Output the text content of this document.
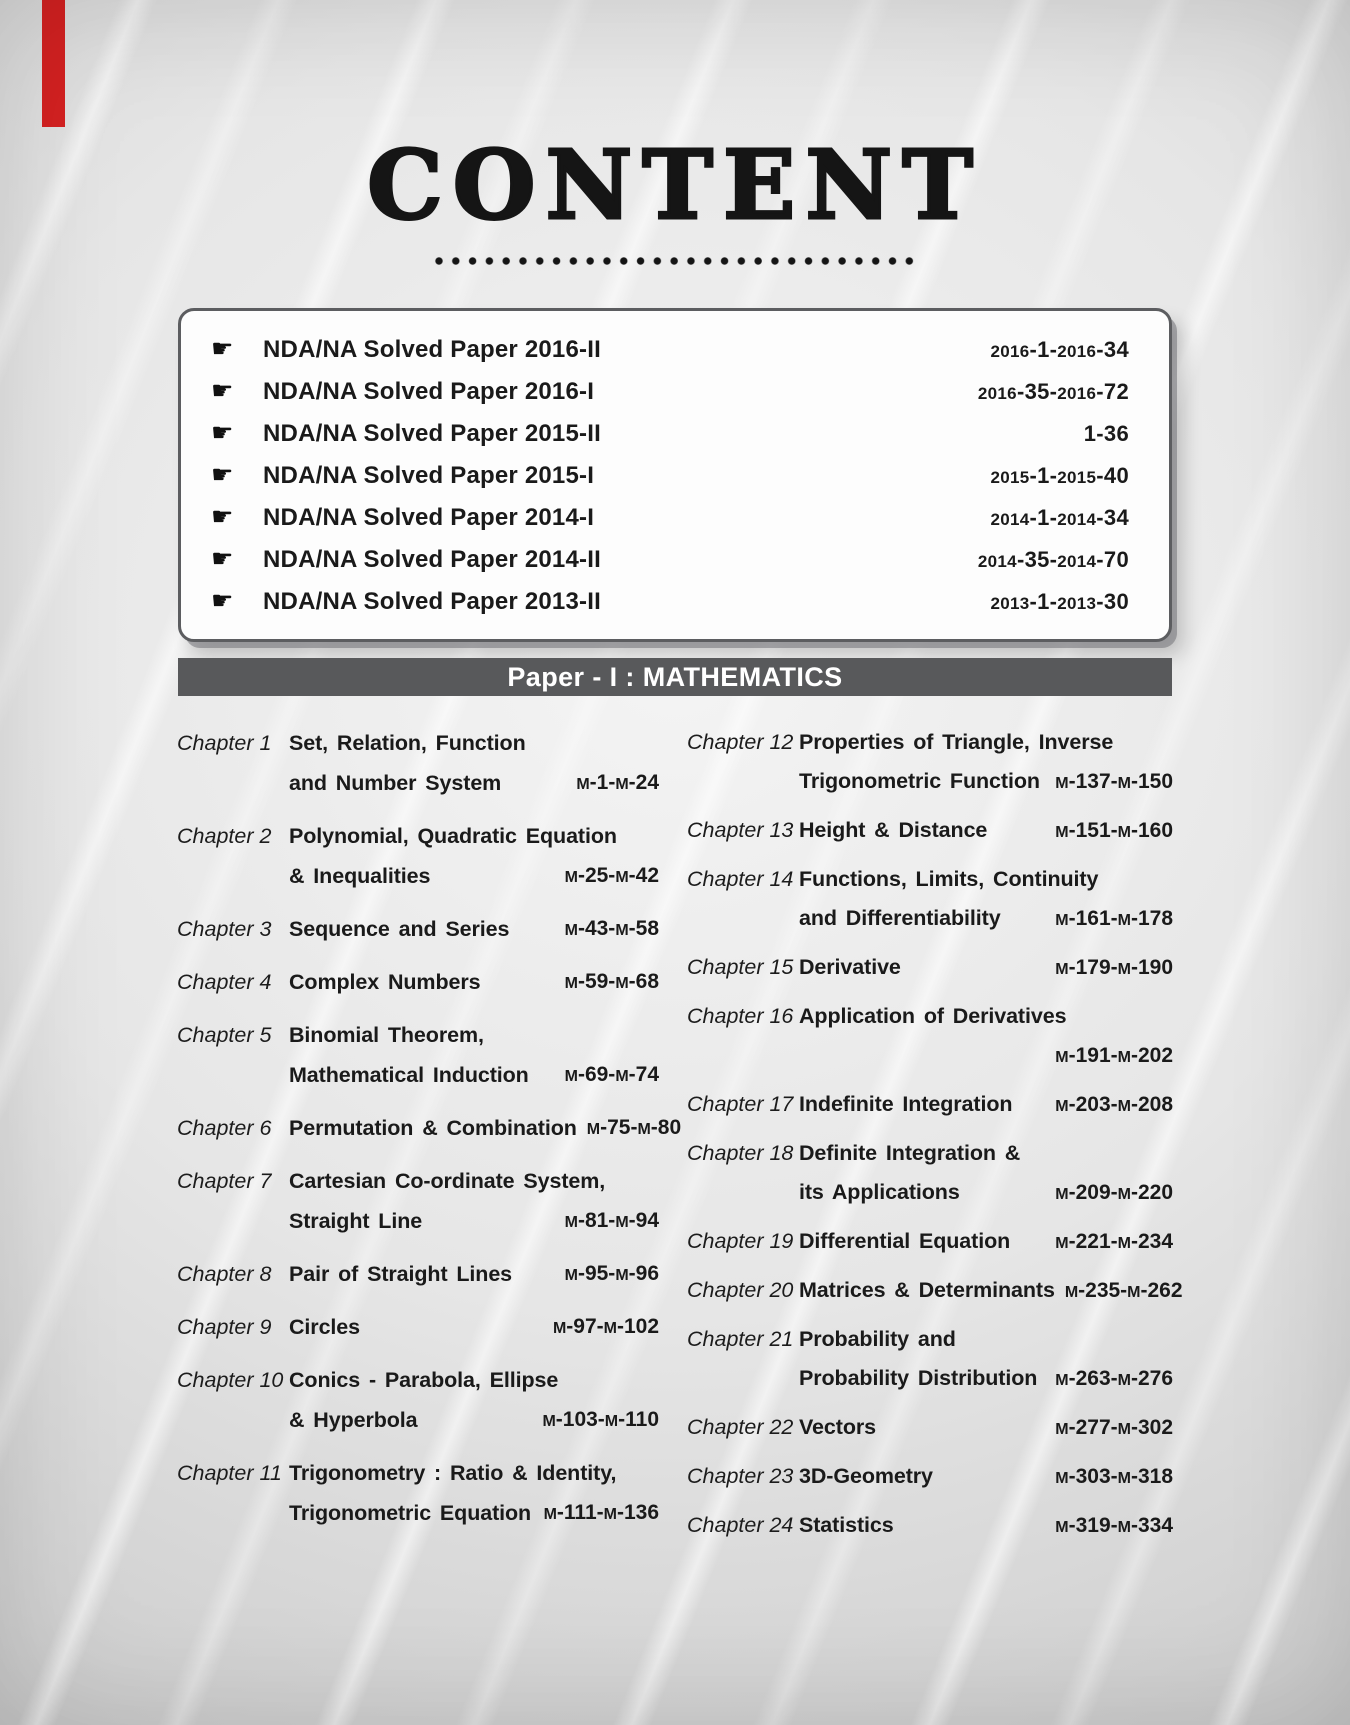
CONTENT
☛	NDA/NA Solved Paper 2016-II	2016-1-2016-34
☛	NDA/NA Solved Paper 2016-I	2016-35-2016-72
☛	NDA/NA Solved Paper 2015-II	1-36
☛	NDA/NA Solved Paper 2015-I	2015-1-2015-40
☛	NDA/NA Solved Paper 2014-I	2014-1-2014-34
☛	NDA/NA Solved Paper 2014-II	2014-35-2014-70
☛	NDA/NA Solved Paper 2013-II	2013-1-2013-30
Paper - I : MATHEMATICS
Chapter 1 Set, Relation, Function
and Number System	M-1-M-24
Chapter 2 Polynomial, Quadratic Equation
& Inequalities	M-25-M-42
Chapter 3 Sequence and Series	M-43-M-58
Chapter 4 Complex Numbers	M-59-M-68
Chapter 5 Binomial Theorem,
Mathematical Induction M-69-M-74
Chapter 6 Permutation & Combination M-75-M-80
Chapter 7 Cartesian Co-ordinate System,
Straight Line	M-81-M-94
Chapter 8 Pair of Straight Lines	M-95-M-96
Chapter 9 Circles	M-97-M-102
Chapter 10 Conics - Parabola, Ellipse
& Hyperbola	M-103-M-110
Chapter 11 Trigonometry : Ratio & Identity,
Trigonometric Equation M-111-M-136
Chapter 12 Properties of Triangle, Inverse
Trigonometric Function M-137-M-150
Chapter 13 Height & Distance	M-151-M-160
Chapter 14 Functions, Limits, Continuity
and Differentiability	M-161-M-178
Chapter 15 Derivative	M-179-M-190
Chapter 16 Application of Derivatives
M-191-M-202
Chapter 17 Indefinite Integration	M-203-M-208
Chapter 18 Definite Integration &
its Applications	M-209-M-220
Chapter 19 Differential Equation	M-221-M-234
Chapter 20 Matrices & Determinants M-235-M-262
Chapter 21 Probability and
Probability Distribution M-263-M-276
Chapter 22 Vectors	M-277-M-302
Chapter 23 3D-Geometry	M-303-M-318
Chapter 24 Statistics	M-319-M-334
